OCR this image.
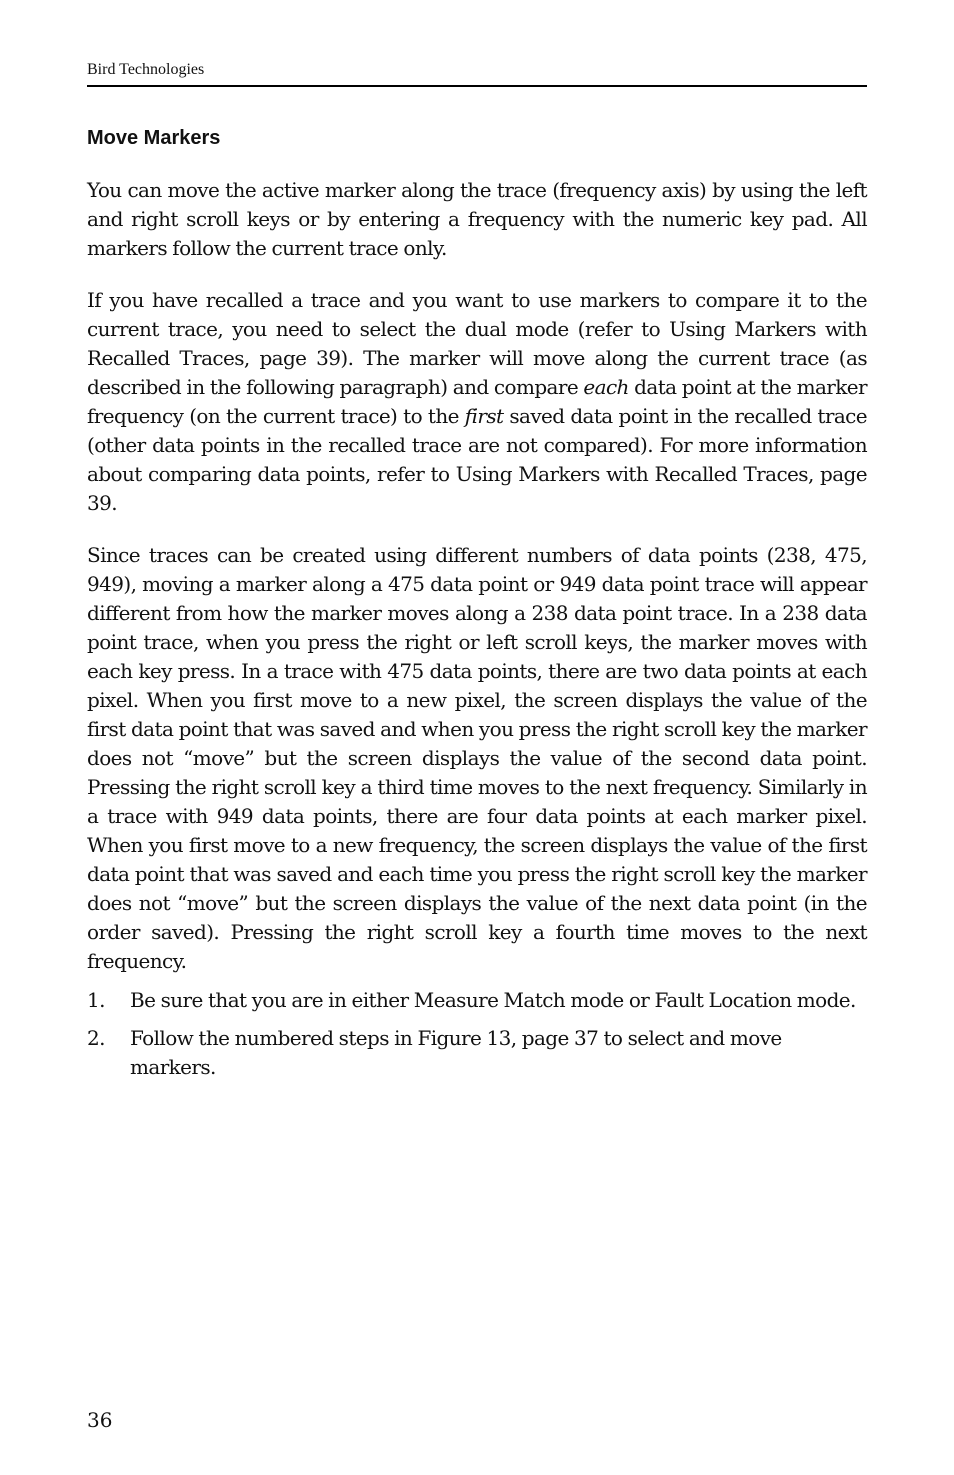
Bird Technologies
Move Markers

You can move the active marker along the trace (frequency axis) by using the left and right scroll keys or by entering a frequency with the numeric key pad. All markers follow the current trace only.

If you have recalled a trace and you want to use markers to compare it to the current trace, you need to select the dual mode (refer to Using Markers with Recalled Traces, page 39). The marker will move along the current trace (as described in the following paragraph) and compare each data point at the marker frequency (on the current trace) to the first saved data point in the recalled trace (other data points in the recalled trace are not compared). For more information about comparing data points, refer to Using Markers with Recalled Traces, page 39.

Since traces can be created using different numbers of data points (238, 475, 949), moving a marker along a 475 data point or 949 data point trace will appear different from how the marker moves along a 238 data point trace. In a 238 data point trace, when you press the right or left scroll keys, the marker moves with each key press. In a trace with 475 data points, there are two data points at each pixel. When you first move to a new pixel, the screen displays the value of the first data point that was saved and when you press the right scroll key the marker does not “move” but the screen displays the value of the second data point. Pressing the right scroll key a third time moves to the next frequency. Similarly in a trace with 949 data points, there are four data points at each marker pixel. When you first move to a new frequency, the screen displays the value of the first data point that was saved and each time you press the right scroll key the marker does not “move” but the screen displays the value of the next data point (in the order saved). Pressing the right scroll key a fourth time moves to the next frequency.

1.	Be sure that you are in either Measure Match mode or Fault Location mode.
2.	Follow the numbered steps in Figure 13, page 37 to select and move markers.
36
